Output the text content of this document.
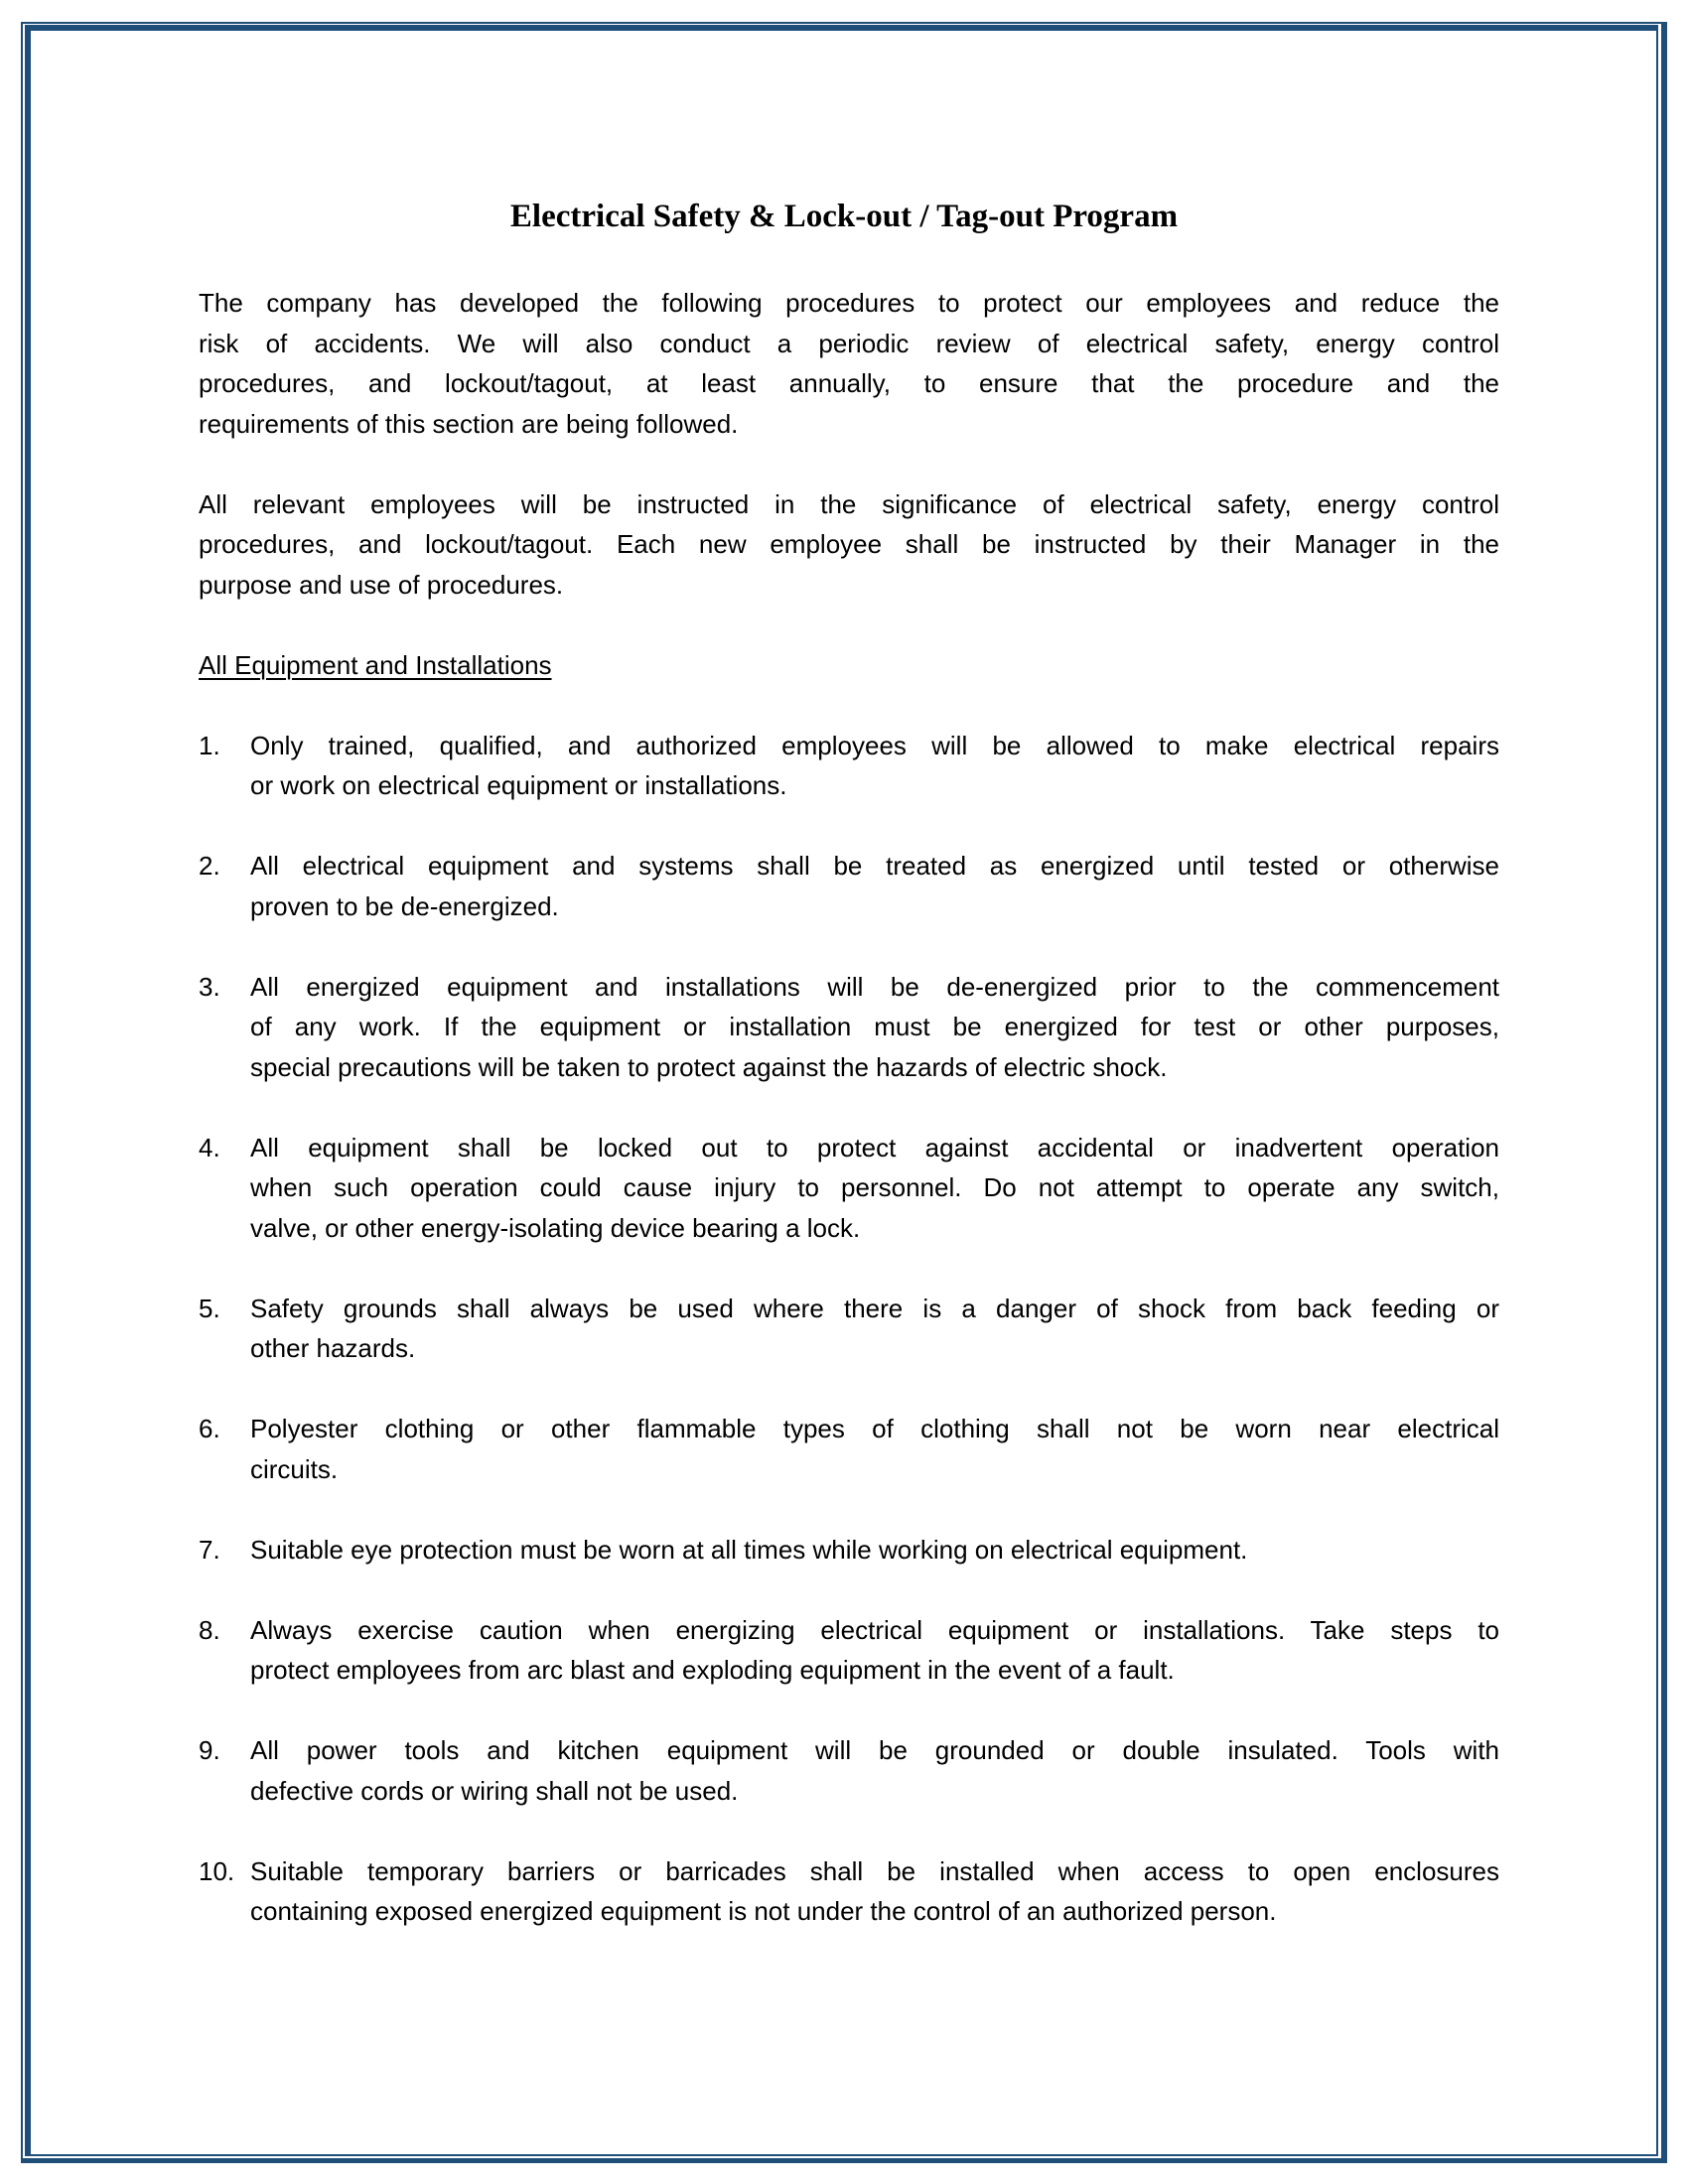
Electrical Safety & Lock-out / Tag-out Program
The company has developed the following procedures to protect our employees and reduce the
risk of accidents. We will also conduct a periodic review of electrical safety, energy control
procedures, and lockout/tagout, at least annually, to ensure that the procedure and the
requirements of this section are being followed.
All relevant employees will be instructed in the significance of electrical safety, energy control
procedures, and lockout/tagout. Each new employee shall be instructed by their Manager in the
purpose and use of procedures.
All Equipment and Installations
1. Only trained, qualified, and authorized employees will be allowed to make electrical repairs
or work on electrical equipment or installations.
2. All electrical equipment and systems shall be treated as energized until tested or otherwise
proven to be de-energized.
3. All energized equipment and installations will be de-energized prior to the commencement
of any work. If the equipment or installation must be energized for test or other purposes,
special precautions will be taken to protect against the hazards of electric shock.
4. All equipment shall be locked out to protect against accidental or inadvertent operation
when such operation could cause injury to personnel. Do not attempt to operate any switch,
valve, or other energy-isolating device bearing a lock.
5. Safety grounds shall always be used where there is a danger of shock from back feeding or
other hazards.
6. Polyester clothing or other flammable types of clothing shall not be worn near electrical
circuits.
7. Suitable eye protection must be worn at all times while working on electrical equipment.
8. Always exercise caution when energizing electrical equipment or installations. Take steps to
protect employees from arc blast and exploding equipment in the event of a fault.
9. All power tools and kitchen equipment will be grounded or double insulated. Tools with
defective cords or wiring shall not be used.
10. Suitable temporary barriers or barricades shall be installed when access to open enclosures
containing exposed energized equipment is not under the control of an authorized person.
